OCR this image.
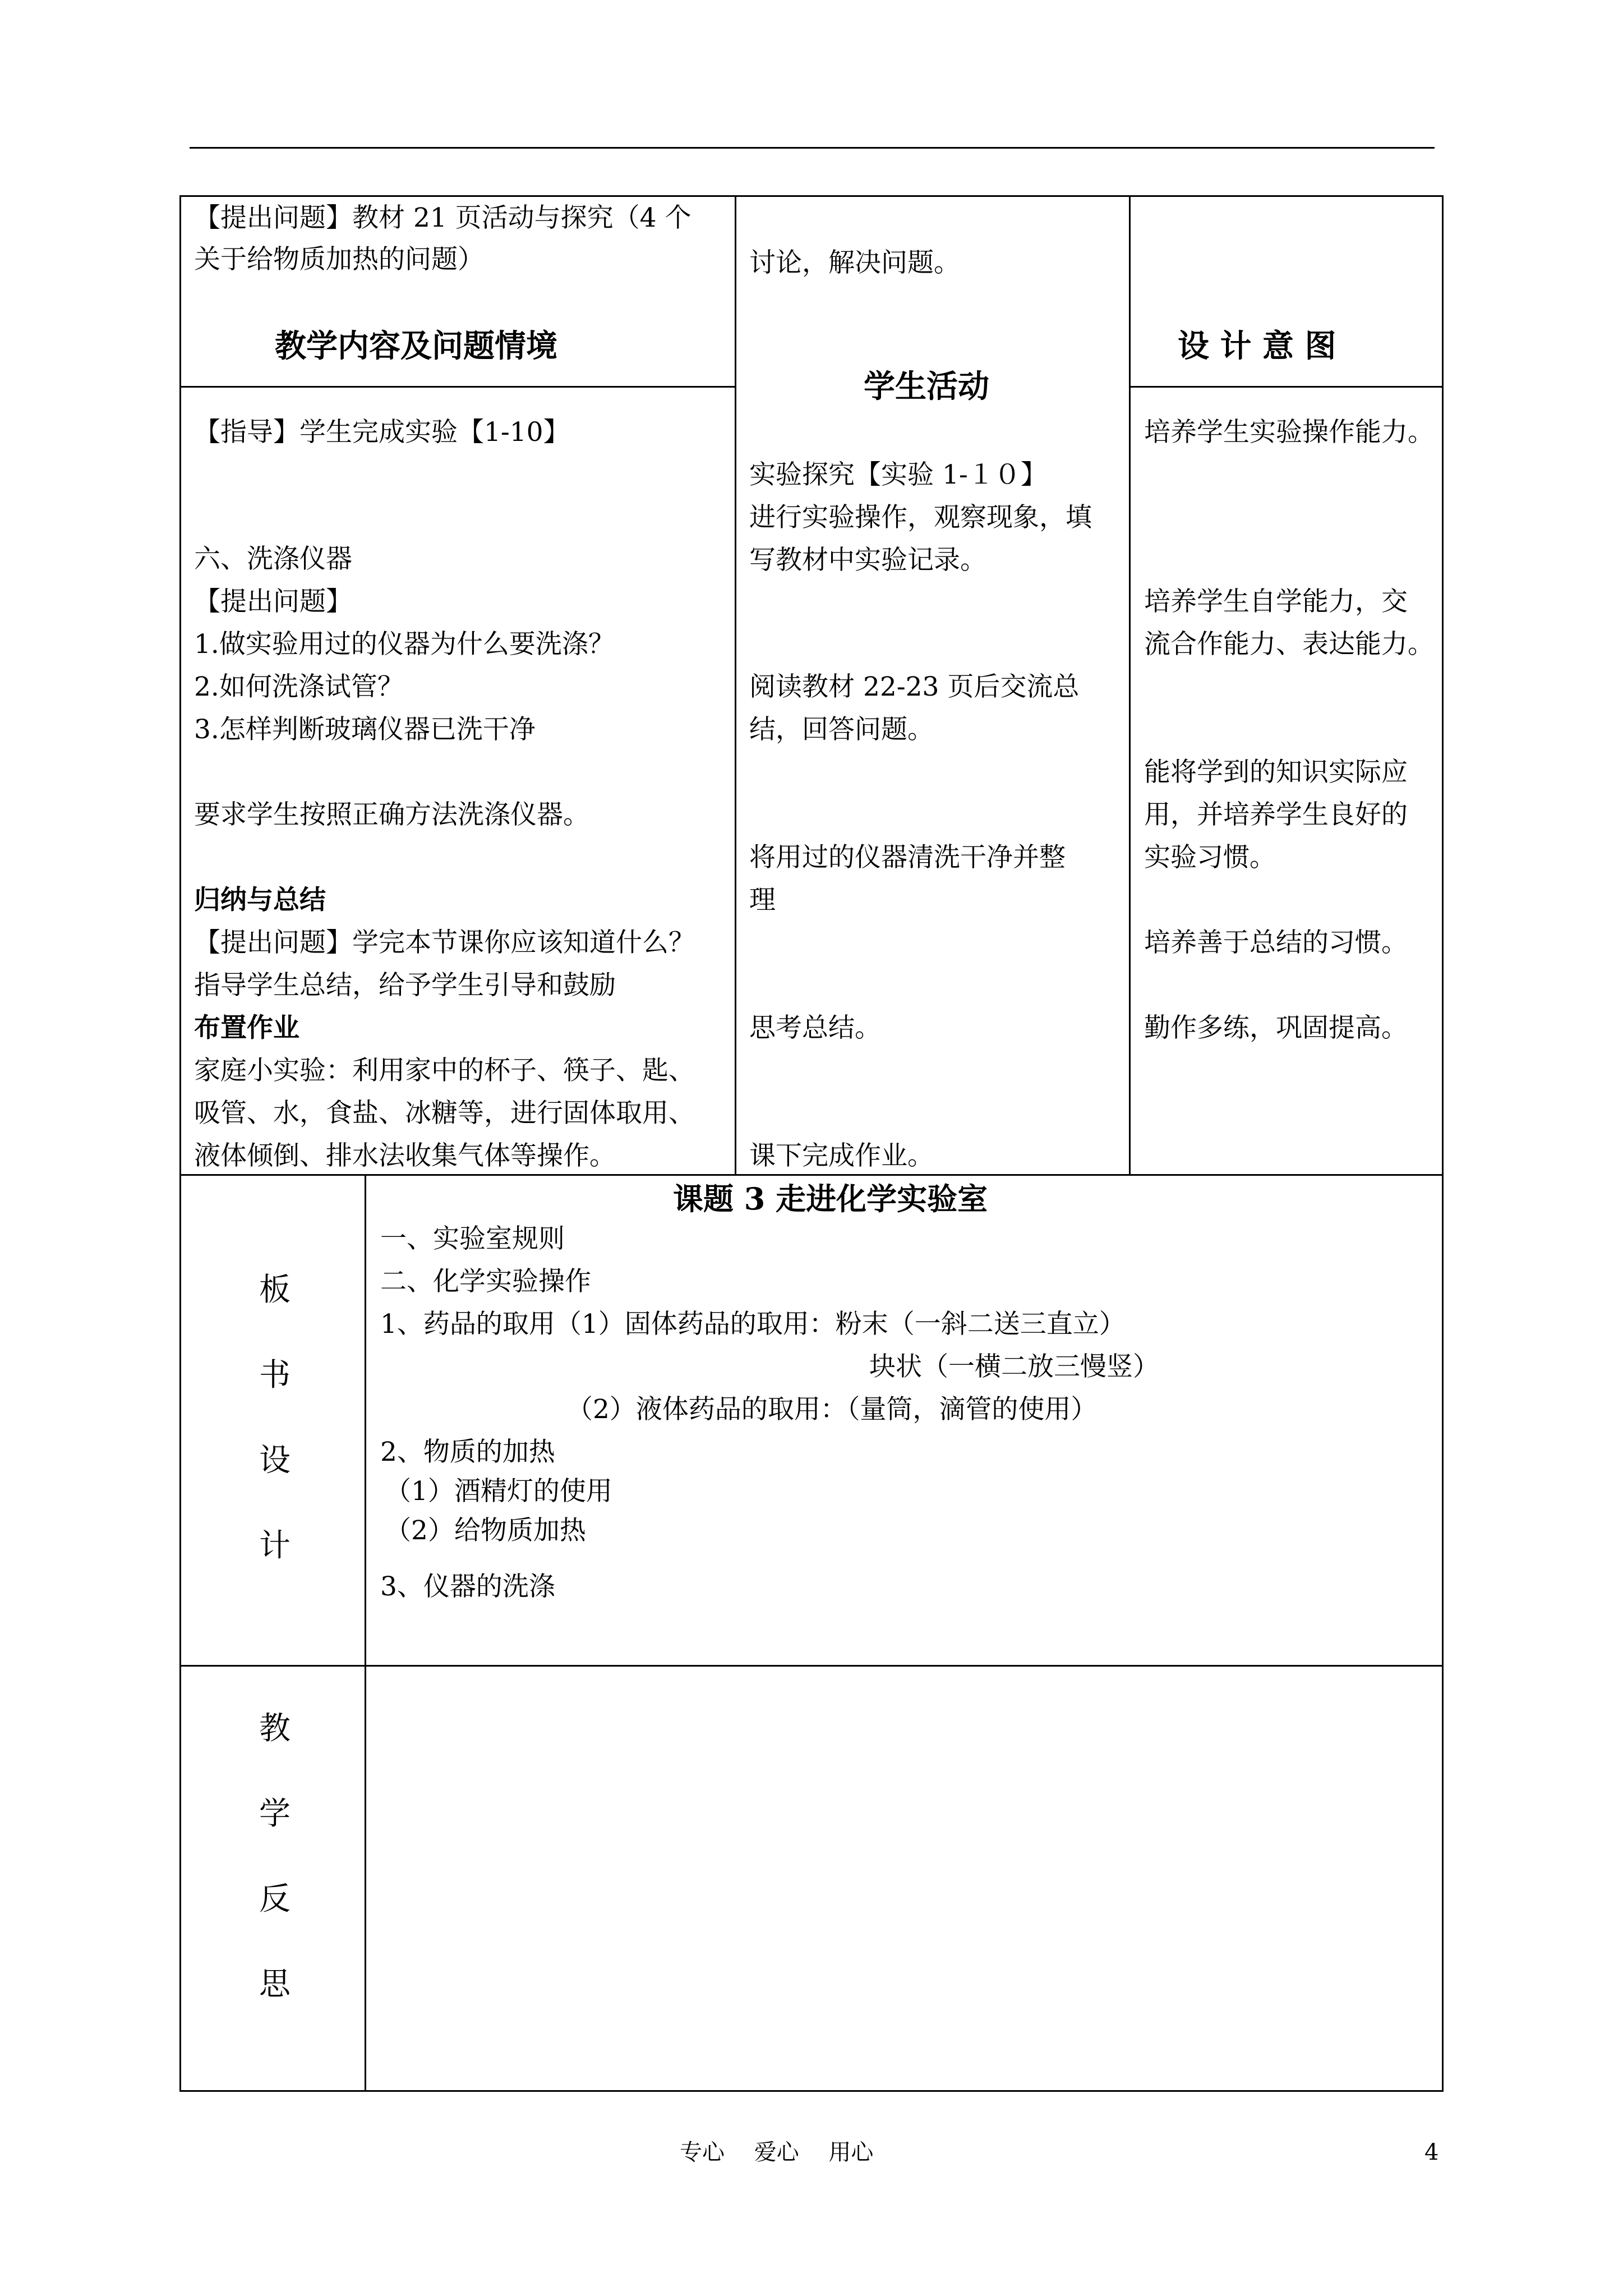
【提出问题】教材 21 页活动与探究（4 个
关于给物质加热的问题）	讨论，解决问题。
教学内容及问题情境
学生活动
设 计 意 图
【指导】学生完成实验【1-10】
六、洗涤仪器
【提出问题】
1.做实验用过的仪器为什么要洗涤？
2.如何洗涤试管？
3.怎样判断玻璃仪器已洗干净
要求学生按照正确方法洗涤仪器。
归纳与总结
【提出问题】学完本节课你应该知道什么？
指导学生总结，给予学生引导和鼓励
布置作业
家庭小实验：利用家中的杯子、筷子、匙、
吸管、水，食盐、冰糖等，进行固体取用、
液体倾倒、排水法收集气体等操作。
实验探究【实验 1-１０】
进行实验操作，观察现象，填
写教材中实验记录。
阅读教材 22-23 页后交流总
结，回答问题。
将用过的仪器清洗干净并整
理
思考总结。
课下完成作业。
培养学生实验操作能力。
培养学生自学能力，交
流合作能力、表达能力。
能将学到的知识实际应
用，并培养学生良好的
实验习惯。
培养善于总结的习惯。
勤作多练，巩固提高。
板
书
设
计
课题 3 走进化学实验室
一、实验室规则
二、化学实验操作
1、药品的取用（1）固体药品的取用：粉末（一斜二送三直立）
块状（一横二放三慢竖）
（2）液体药品的取用：（量筒，滴管的使用）
2、物质的加热
（1）酒精灯的使用
（2）给物质加热
3、仪器的洗涤
教
学
反
思
专心　 爱心　 用心	4
